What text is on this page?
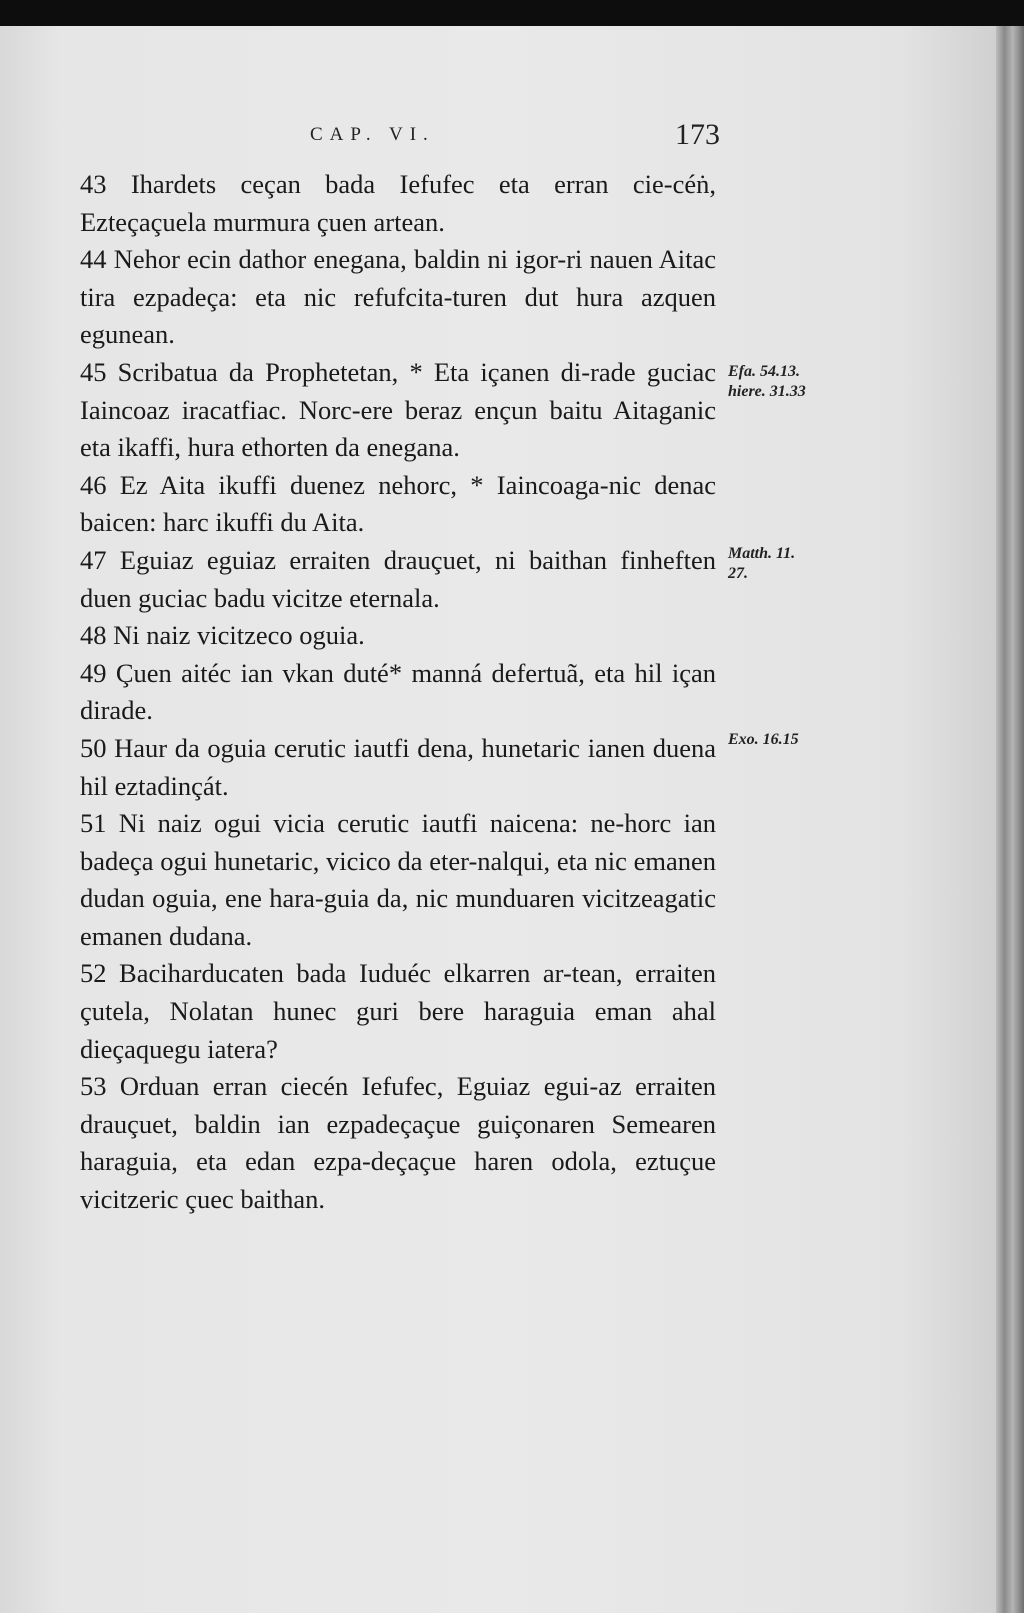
CAP. VI.	173
43 Ihardets ceçan bada Iefufec eta erran cie-céṅ, Ezteçaçuela murmura çuen artean.
44 Nehor ecin dathor enegana, baldin ni igor-ri nauen Aitac tira ezpadeça: eta nic refufcita-turen dut hura azquen egunean.
45 Scribatua da Prophetetan, * Eta içanen di-rade guciac Iaincoaz iracatfiac. Norc-ere beraz ençun baitu Aitaganic eta ikaffi, hura ethorten da enegana.
46 Ez Aita ikuffi duenez nehorc, * Iaincoaga-nic denac baicen: harc ikuffi du Aita.
47 Eguiaz eguiaz erraiten drauçuet, ni baithan finheften duen guciac badu vicitze eternala.
48 Ni naiz vicitzeco oguia.
49 Çuen aitéc ian vkan duté* manná defertuã, eta hil içan dirade.
50 Haur da oguia cerutic iautfi dena, hunetaric ianen duena hil eztadinçát.
51 Ni naiz ogui vicia cerutic iautfi naicena: ne-horc ian badeça ogui hunetaric, vicico da eter-nalqui, eta nic emanen dudan oguia, ene hara-guia da, nic munduaren vicitzeagatic emanen dudana.
52 Baciharducaten bada Iuduéc elkarren ar-tean, erraiten çutela, Nolatan hunec guri bere haraguia eman ahal dieçaquegu iatera?
53 Orduan erran ciecén Iefufec, Eguiaz egui-az erraiten drauçuet, baldin ian ezpadeçaçue guiçonaren Semearen haraguia, eta edan ezpa-deçaçue haren odola, eztuçue vicitzeric çuec baithan.
Efa. 54.13.
hiere. 31.33
Matth. 11.
27.
Exo. 16.15
